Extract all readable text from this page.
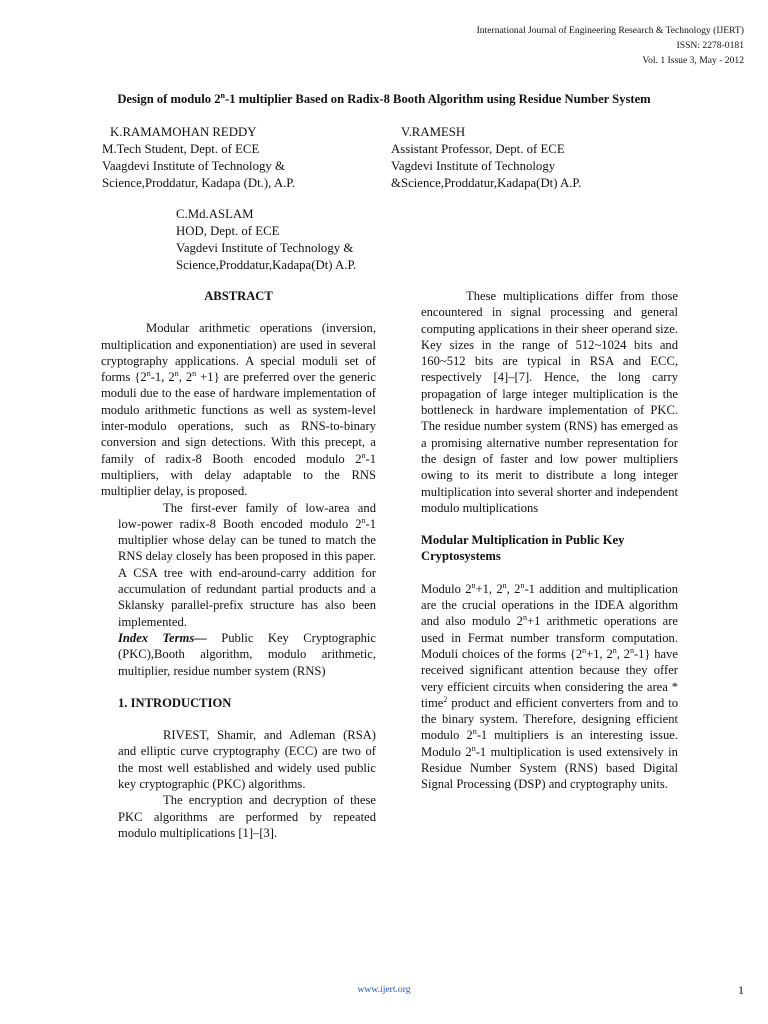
International Journal of Engineering Research & Technology (IJERT)
ISSN: 2278-0181
Vol. 1 Issue 3, May - 2012
Design of modulo 2$^n$-1 multiplier Based on Radix-8 Booth Algorithm using Residue Number System
K.RAMAMOHAN REDDY
M.Tech Student, Dept. of ECE
Vaagdevi Institute of Technology &
Science,Proddatur, Kadapa (Dt.), A.P.
V.RAMESH
Assistant Professor, Dept. of ECE
Vagdevi Institute of Technology
&Science,Proddatur,Kadapa(Dt) A.P.
C.Md.ASLAM
HOD, Dept. of ECE
Vagdevi Institute of Technology &
Science,Proddatur,Kadapa(Dt) A.P.

ABSTRACT

Modular arithmetic operations (inversion, multiplication and exponentiation) are used in several cryptography applications. A special moduli set of forms {2$^n$-1, 2$^n$, $2^n +1$} are preferred over the generic moduli due to the ease of hardware implementation of modulo arithmetic functions as well as system-level inter-modulo operations, such as RNS-to-binary conversion and sign detections. With this precept, a family of radix-8 Booth encoded modulo 2$^n$-1 multipliers, with delay adaptable to the RNS multiplier delay, is proposed.

The first-ever family of low-area and low-power radix-8 Booth encoded modulo 2$^n$-1 multiplier whose delay can be tuned to match the RNS delay closely has been proposed in this paper. A CSA tree with end-around-carry addition for accumulation of redundant partial products and a Sklansky parallel-prefix structure has also been implemented.

Index Terms— Public Key Cryptographic (PKC),Booth algorithm, modulo arithmetic, multiplier, residue number system (RNS)

1. INTRODUCTION

RIVEST, Shamir, and Adleman (RSA) and elliptic curve cryptography (ECC) are two of the most well established and widely used public key cryptographic (PKC) algorithms.

The encryption and decryption of these PKC algorithms are performed by repeated modulo multiplications [1]–[3].

These multiplications differ from those encountered in signal processing and general computing applications in their sheer operand size. Key sizes in the range of 512~1024 bits and 160~512 bits are typical in RSA and ECC, respectively [4]–[7]. Hence, the long carry propagation of large integer multiplication is the bottleneck in hardware implementation of PKC. The residue number system (RNS) has emerged as a promising alternative number representation for the design of faster and low power multipliers owing to its merit to distribute a long integer multiplication into several shorter and independent modulo multiplications

Modular Multiplication in Public Key Cryptosystems

Modulo $2^n+1$, 2$^n$, 2$^n$-1 addition and multiplication are the crucial operations in the IDEA algorithm and also modulo $2^n+1$ arithmetic operations are used in Fermat number transform computation. Moduli choices of the forms {$2^n+1$, 2$^n$, 2$^n$-1} have received significant attention because they offer very efficient circuits when considering the area * time$^2$ product and efficient converters from and to the binary system. Therefore, designing efficient modulo 2$^n$-1 multipliers is an interesting issue. Modulo 2$^n$-1 multiplication is used extensively in Residue Number System (RNS) based Digital Signal Processing (DSP) and cryptography units.

www.ijert.org	1
